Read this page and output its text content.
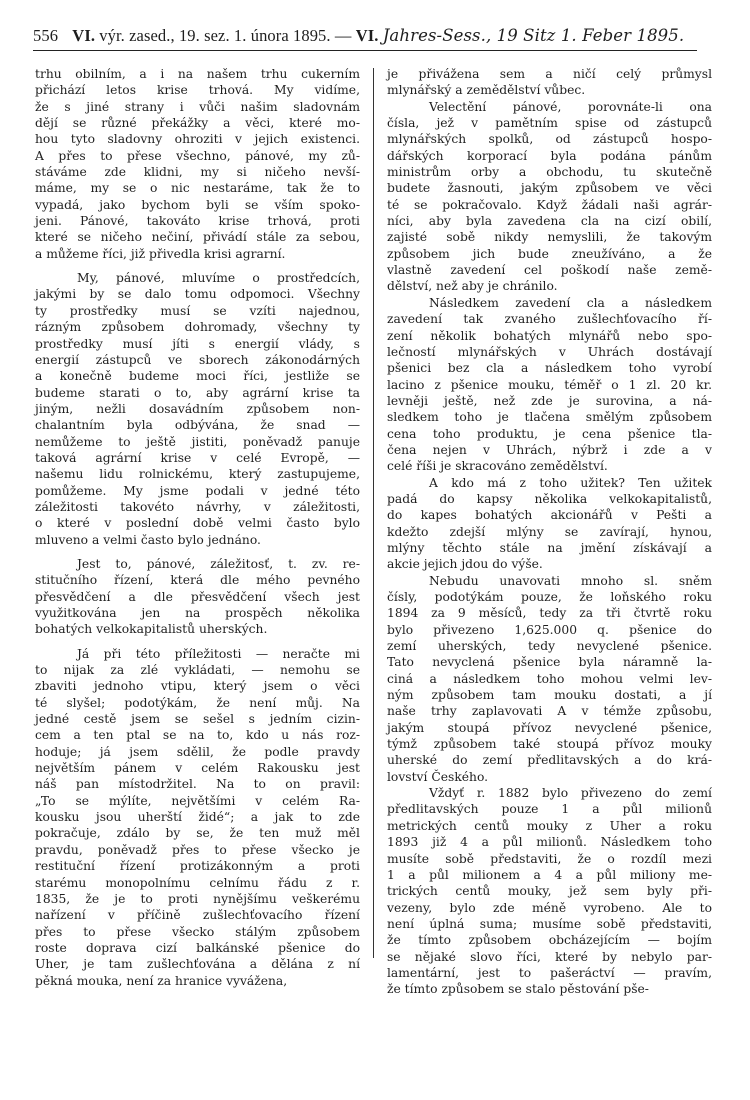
556 VI. výr. zased., 19. sez. 1. února 1895. — VI. Jahres-Sess., 19 Sitz 1. Feber 1895.
trhu obilním, a i na našem trhu cukerním
přichází letos krise trhová. My vidíme,
že s jiné strany i vůči našim sladovnám
dějí se různé překážky a věci, které mo-
hou tyto sladovny ohroziti v jejich existenci.
A přes to přese všechno, pánové, my zů-
stáváme zde klidni, my si ničeho nevší-
máme, my se o nic nestaráme, tak že to
vypadá, jako bychom byli se vším spoko-
jeni. Pánové, takováto krise trhová, proti
které se ničeho nečiní, přivádí stále za sebou,
a můžeme říci, již přivedla krisi agrarní.
My, pánové, mluvíme o prostředcích,
jakými by se dalo tomu odpomoci. Všechny
ty prostředky musí se vzíti najednou,
rázným způsobem dohromady, všechny ty
prostředky musí jíti s energií vlády, s
energií zástupců ve sborech zákonodárných
a konečně budeme moci říci, jestliže se
budeme starati o to, aby agrární krise ta
jiným, nežli dosavádním způsobem non-
chalantním byla odbývána, že snad —
nemůžeme to ještě jistiti, poněvadž panuje
taková agrární krise v celé Evropě, —
našemu lidu rolnickému, který zastupujeme,
pomůžeme. My jsme podali v jedné této
záležitosti takovéto návrhy, v záležitosti,
o které v poslední době velmi často bylo
mluveno a velmi často bylo jednáno.
Jest to, pánové, záležitosť, t. zv. re-
stitučního řízení, která dle mého pevného
přesvědčení a dle přesvědčení všech jest
využitkována jen na prospěch několika
bohatých velkokapitalistů uherských.
Já při této příležitosti — neračte mi
to nijak za zlé vykládati, — nemohu se
zbaviti jednoho vtipu, který jsem o věci
té slyšel; podotýkám, že není můj. Na
jedné cestě jsem se sešel s jedním cizin-
cem a ten ptal se na to, kdo u nás roz-
hoduje; já jsem sdělil, že podle pravdy
největším pánem v celém Rakousku jest
náš pan místodržitel. Na to on pravil:
„To se mýlíte, největšími v celém Ra-
kousku jsou uherští židé“; a jak to zde
pokračuje, zdálo by se, že ten muž měl
pravdu, poněvadž přes to přese všecko je
restituční řízení protizákonným a proti
starému monopolnímu celnímu řádu z r.
1835, že je to proti nynějšímu veškerému
nařízení v příčině zušlechťovacího řízení
přes to přese všecko stálým způsobem
roste doprava cizí balkánské pšenice do
Uher, je tam zušlechťována a dělána z ní
pěkná mouka, není za hranice vyvážena,
je přivážena sem a ničí celý průmysl
mlynářský a zemědělství vůbec.
Velectění pánové, porovnáte-li ona
čísla, jež v pamětním spise od zástupců
mlynářských spolků, od zástupců hospo-
dářských korporací byla podána pánům
ministrům orby a obchodu, tu skutečně
budete žasnouti, jakým způsobem ve věci
té se pokračovalo. Když žádali naši agrár-
níci, aby byla zavedena cla na cizí obilí,
zajisté sobě nikdy nemyslili, že takovým
způsobem jich bude zneužíváno, a že
vlastně zavedení cel poškodí naše země-
dělství, než aby je chránilo.
Následkem zavedení cla a následkem
zavedení tak zvaného zušlechťovacího ří-
zení několik bohatých mlynářů nebo spo-
lečností mlynářských v Uhrách dostávají
pšenici bez cla a následkem toho vyrobí
lacino z pšenice mouku, téměř o 1 zl. 20 kr.
levněji ještě, než zde je surovina, a ná-
sledkem toho je tlačena smělým způsobem
cena toho produktu, je cena pšenice tla-
čena nejen v Uhrách, nýbrž i zde a v
celé říši je skracováno zemědělství.
A kdo má z toho užitek? Ten užitek
padá do kapsy několika velkokapitalistů,
do kapes bohatých akcionářů v Pešti a
kdežto zdejší mlýny se zavírají, hynou,
mlýny těchto stále na jmění získávají a
akcie jejich jdou do výše.
Nebudu unavovati mnoho sl. sněm
čísly, podotýkám pouze, že loňského roku
1894 za 9 měsíců, tedy za tři čtvrtě roku
bylo přivezeno 1,625.000 q. pšenice do
zemí uherských, tedy nevyclené pšenice.
Tato nevyclená pšenice byla náramně la-
ciná a následkem toho mohou velmi lev-
ným způsobem tam mouku dostati, a jí
naše trhy zaplavovati A v témže způsobu,
jakým stoupá přívoz nevyclené pšenice,
týmž způsobem také stoupá přívoz mouky
uherské do zemí předlitavských a do krá-
lovství Českého.
Vždyť r. 1882 bylo přivezeno do zemí
předlitavských pouze 1 a půl milionů
metrických centů mouky z Uher a roku
1893 již 4 a půl milionů. Následkem toho
musíte sobě představiti, že o rozdíl mezi
1 a půl milionem a 4 a půl miliony me-
trických centů mouky, jež sem byly při-
vezeny, bylo zde méně vyrobeno. Ale to
není úplná suma; musíme sobě představiti,
že tímto způsobem obcházejícím — bojím
se nějaké slovo říci, které by nebylo par-
lamentární, jest to pašeráctví — pravím,
že tímto způsobem se stalo pěstování pše-
